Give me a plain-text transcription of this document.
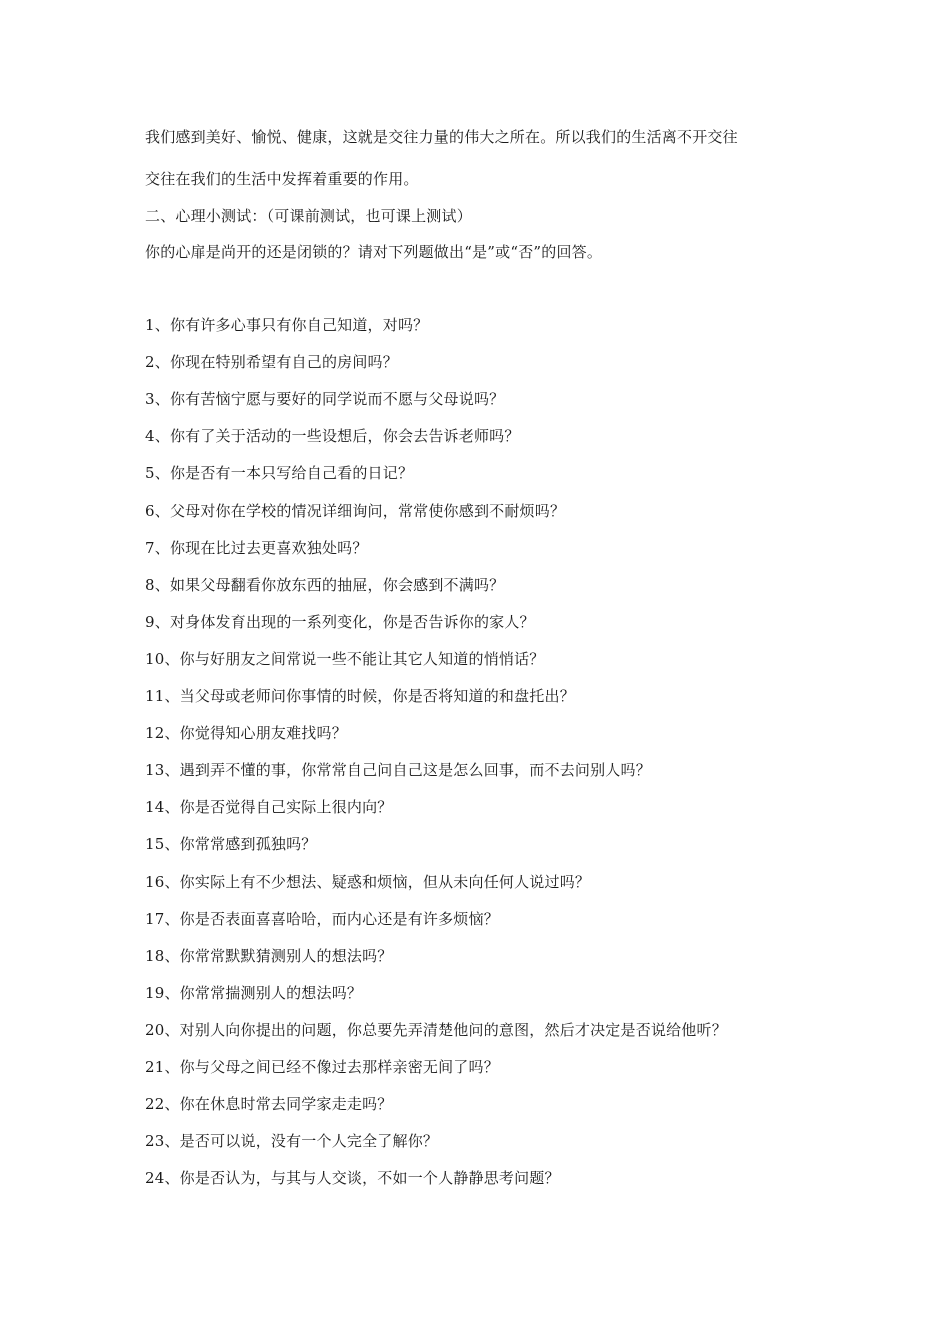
我们感到美好、愉悦、健康，这就是交往力量的伟大之所在。所以我们的生活离不开交往
交往在我们的生活中发挥着重要的作用。
二、心理小测试：（可课前测试，也可课上测试）
你的心扉是尚开的还是闭锁的？请对下列题做出“是”或“否”的回答。
1、你有许多心事只有你自己知道，对吗？
2、你现在特别希望有自己的房间吗？
3、你有苦恼宁愿与要好的同学说而不愿与父母说吗？
4、你有了关于活动的一些设想后，你会去告诉老师吗？
5、你是否有一本只写给自己看的日记？
6、父母对你在学校的情况详细询问，常常使你感到不耐烦吗？
7、你现在比过去更喜欢独处吗？
8、如果父母翻看你放东西的抽屉，你会感到不满吗？
9、对身体发育出现的一系列变化，你是否告诉你的家人？
10、你与好朋友之间常说一些不能让其它人知道的悄悄话？
11、当父母或老师问你事情的时候，你是否将知道的和盘托出？
12、你觉得知心朋友难找吗？
13、遇到弄不懂的事，你常常自己问自己这是怎么回事，而不去问别人吗？
14、你是否觉得自己实际上很内向？
15、你常常感到孤独吗？
16、你实际上有不少想法、疑惑和烦恼，但从未向任何人说过吗？
17、你是否表面喜喜哈哈，而内心还是有许多烦恼？
18、你常常默默猜测别人的想法吗？
19、你常常揣测别人的想法吗？
20、对别人向你提出的问题，你总要先弄清楚他问的意图，然后才决定是否说给他听？
21、你与父母之间已经不像过去那样亲密无间了吗？
22、你在休息时常去同学家走走吗？
23、是否可以说，没有一个人完全了解你？
24、你是否认为，与其与人交谈，不如一个人静静思考问题？
